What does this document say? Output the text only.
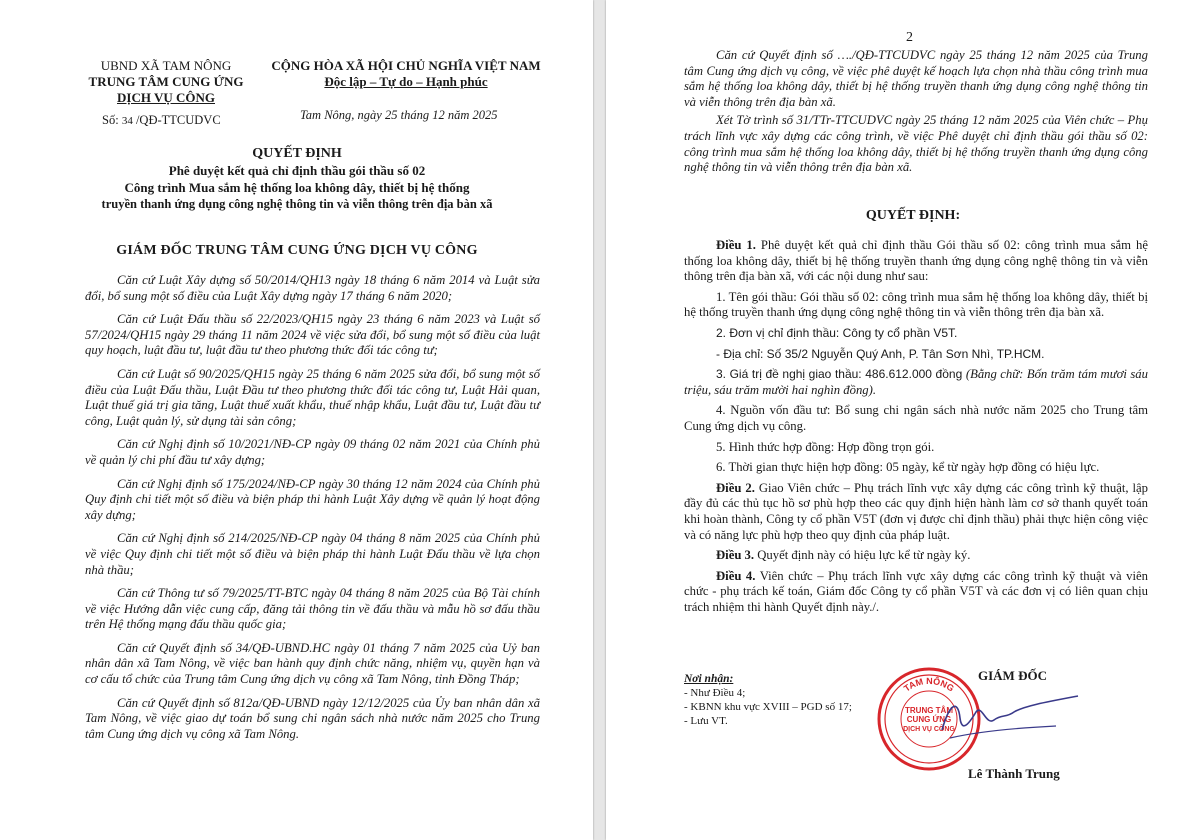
UBND XÃ TAM NÔNG
TRUNG TÂM CUNG ỨNG
DỊCH VỤ CÔNG
CỘNG HÒA XÃ HỘI CHỦ NGHĨA VIỆT NAM
Độc lập – Tự do – Hạnh phúc
Số: 34 /QĐ-TTCUDVC	Tam Nông, ngày 25 tháng 12 năm 2025
QUYẾT ĐỊNH
Phê duyệt kết quả chỉ định thầu gói thầu số 02
Công trình Mua sắm hệ thống loa không dây, thiết bị hệ thống
truyền thanh ứng dụng công nghệ thông tin và viễn thông trên địa bàn xã
GIÁM ĐỐC TRUNG TÂM CUNG ỨNG DỊCH VỤ CÔNG

Căn cứ Luật Xây dựng số 50/2014/QH13 ngày 18 tháng 6 năm 2014 và Luật sửa đổi, bổ sung một số điều của Luật Xây dựng ngày 17 tháng 6 năm 2020;

Căn cứ Luật Đấu thầu số 22/2023/QH15 ngày 23 tháng 6 năm 2023 và Luật số 57/2024/QH15 ngày 29 tháng 11 năm 2024 về việc sửa đổi, bổ sung một số điều của luật quy hoạch, luật đầu tư, luật đầu tư theo phương thức đối tác công tư;

Căn cứ Luật số 90/2025/QH15 ngày 25 tháng 6 năm 2025 sửa đổi, bổ sung một số điều của Luật Đấu thầu, Luật Đầu tư theo phương thức đối tác công tư, Luật Hải quan, Luật thuế giá trị gia tăng, Luật thuế xuất khẩu, thuế nhập khẩu, Luật đầu tư, Luật đầu tư công, Luật quản lý, sử dụng tài sản công;

Căn cứ Nghị định số 10/2021/NĐ-CP ngày 09 tháng 02 năm 2021 của Chính phủ về quản lý chi phí đầu tư xây dựng;

Căn cứ Nghị định số 175/2024/NĐ-CP ngày 30 tháng 12 năm 2024 của Chính phủ Quy định chi tiết một số điều và biện pháp thi hành Luật Xây dựng về quản lý hoạt động xây dựng;

Căn cứ Nghị định số 214/2025/NĐ-CP ngày 04 tháng 8 năm 2025 của Chính phủ về việc Quy định chi tiết một số điều và biện pháp thi hành Luật Đấu thầu về lựa chọn nhà thầu;

Căn cứ Thông tư số 79/2025/TT-BTC ngày 04 tháng 8 năm 2025 của Bộ Tài chính về việc Hướng dẫn việc cung cấp, đăng tải thông tin về đấu thầu và mẫu hồ sơ đấu thầu trên Hệ thống mạng đấu thầu quốc gia;

Căn cứ Quyết định số 34/QĐ-UBND.HC ngày 01 tháng 7 năm 2025 của Uỷ ban nhân dân xã Tam Nông, về việc ban hành quy định chức năng, nhiệm vụ, quyền hạn và cơ cấu tổ chức của Trung tâm Cung ứng dịch vụ công xã Tam Nông, tỉnh Đồng Tháp;

Căn cứ Quyết định số 812a/QĐ-UBND ngày 12/12/2025 của Ủy ban nhân dân xã Tam Nông, về việc giao dự toán bổ sung chi ngân sách nhà nước năm 2025 cho Trung tâm Cung ứng dịch vụ công xã Tam Nông.

2

Căn cứ Quyết định số …./QĐ-TTCUDVC ngày 25 tháng 12 năm 2025 của Trung tâm Cung ứng dịch vụ công, về việc phê duyệt kế hoạch lựa chọn nhà thầu công trình mua sắm hệ thống loa không dây, thiết bị hệ thống truyền thanh ứng dụng công nghệ thông tin và viễn thông trên địa bàn xã.

Xét Tờ trình số 31/TTr-TTCUDVC ngày 25 tháng 12 năm 2025 của Viên chức – Phụ trách lĩnh vực xây dựng các công trình, về việc Phê duyệt chỉ định thầu gói thầu số 02: công trình mua sắm hệ thống loa không dây, thiết bị hệ thống truyền thanh ứng dụng công nghệ thông tin và viễn thông trên địa bàn xã.

QUYẾT ĐỊNH:

Điều 1. Phê duyệt kết quả chỉ định thầu Gói thầu số 02: công trình mua sắm hệ thống loa không dây, thiết bị hệ thống truyền thanh ứng dụng công nghệ thông tin và viễn thông trên địa bàn xã, với các nội dung như sau:

1. Tên gói thầu: Gói thầu số 02: công trình mua sắm hệ thống loa không dây, thiết bị hệ thống truyền thanh ứng dụng công nghệ thông tin và viễn thông trên địa bàn xã.

2. Đơn vị chỉ định thầu: Công ty cổ phần V5T.

- Địa chỉ: Số 35/2 Nguyễn Quý Anh, P. Tân Sơn Nhì, TP.HCM.

3. Giá trị đề nghị giao thầu: 486.612.000 đồng (Bằng chữ: Bốn trăm tám mươi sáu triệu, sáu trăm mười hai nghìn đồng).

4. Nguồn vốn đầu tư: Bổ sung chi ngân sách nhà nước năm 2025 cho Trung tâm Cung ứng dịch vụ công.

5. Hình thức hợp đồng: Hợp đồng trọn gói.

6. Thời gian thực hiện hợp đồng: 05 ngày, kể từ ngày hợp đồng có hiệu lực.

Điều 2. Giao Viên chức – Phụ trách lĩnh vực xây dựng các công trình kỹ thuật, lập đầy đủ các thủ tục hồ sơ phù hợp theo các quy định hiện hành làm cơ sở thanh quyết toán khi hoàn thành, Công ty cổ phần V5T (đơn vị được chỉ định thầu) phải thực hiện công việc và có năng lực phù hợp theo quy định của pháp luật.

Điều 3. Quyết định này có hiệu lực kể từ ngày ký.

Điều 4. Viên chức – Phụ trách lĩnh vực xây dựng các công trình kỹ thuật và viên chức - phụ trách kế toán, Giám đốc Công ty cổ phần V5T và các đơn vị có liên quan chịu trách nhiệm thi hành Quyết định này./.

Nơi nhận:
- Như Điều 4;
- KBNN khu vực XVIII – PGD số 17;
- Lưu VT.
GIÁM ĐỐC
TAM NÔNG
TRUNG TÂM
CUNG ỨNG
DỊCH VỤ CÔNG
Lê Thành Trung
